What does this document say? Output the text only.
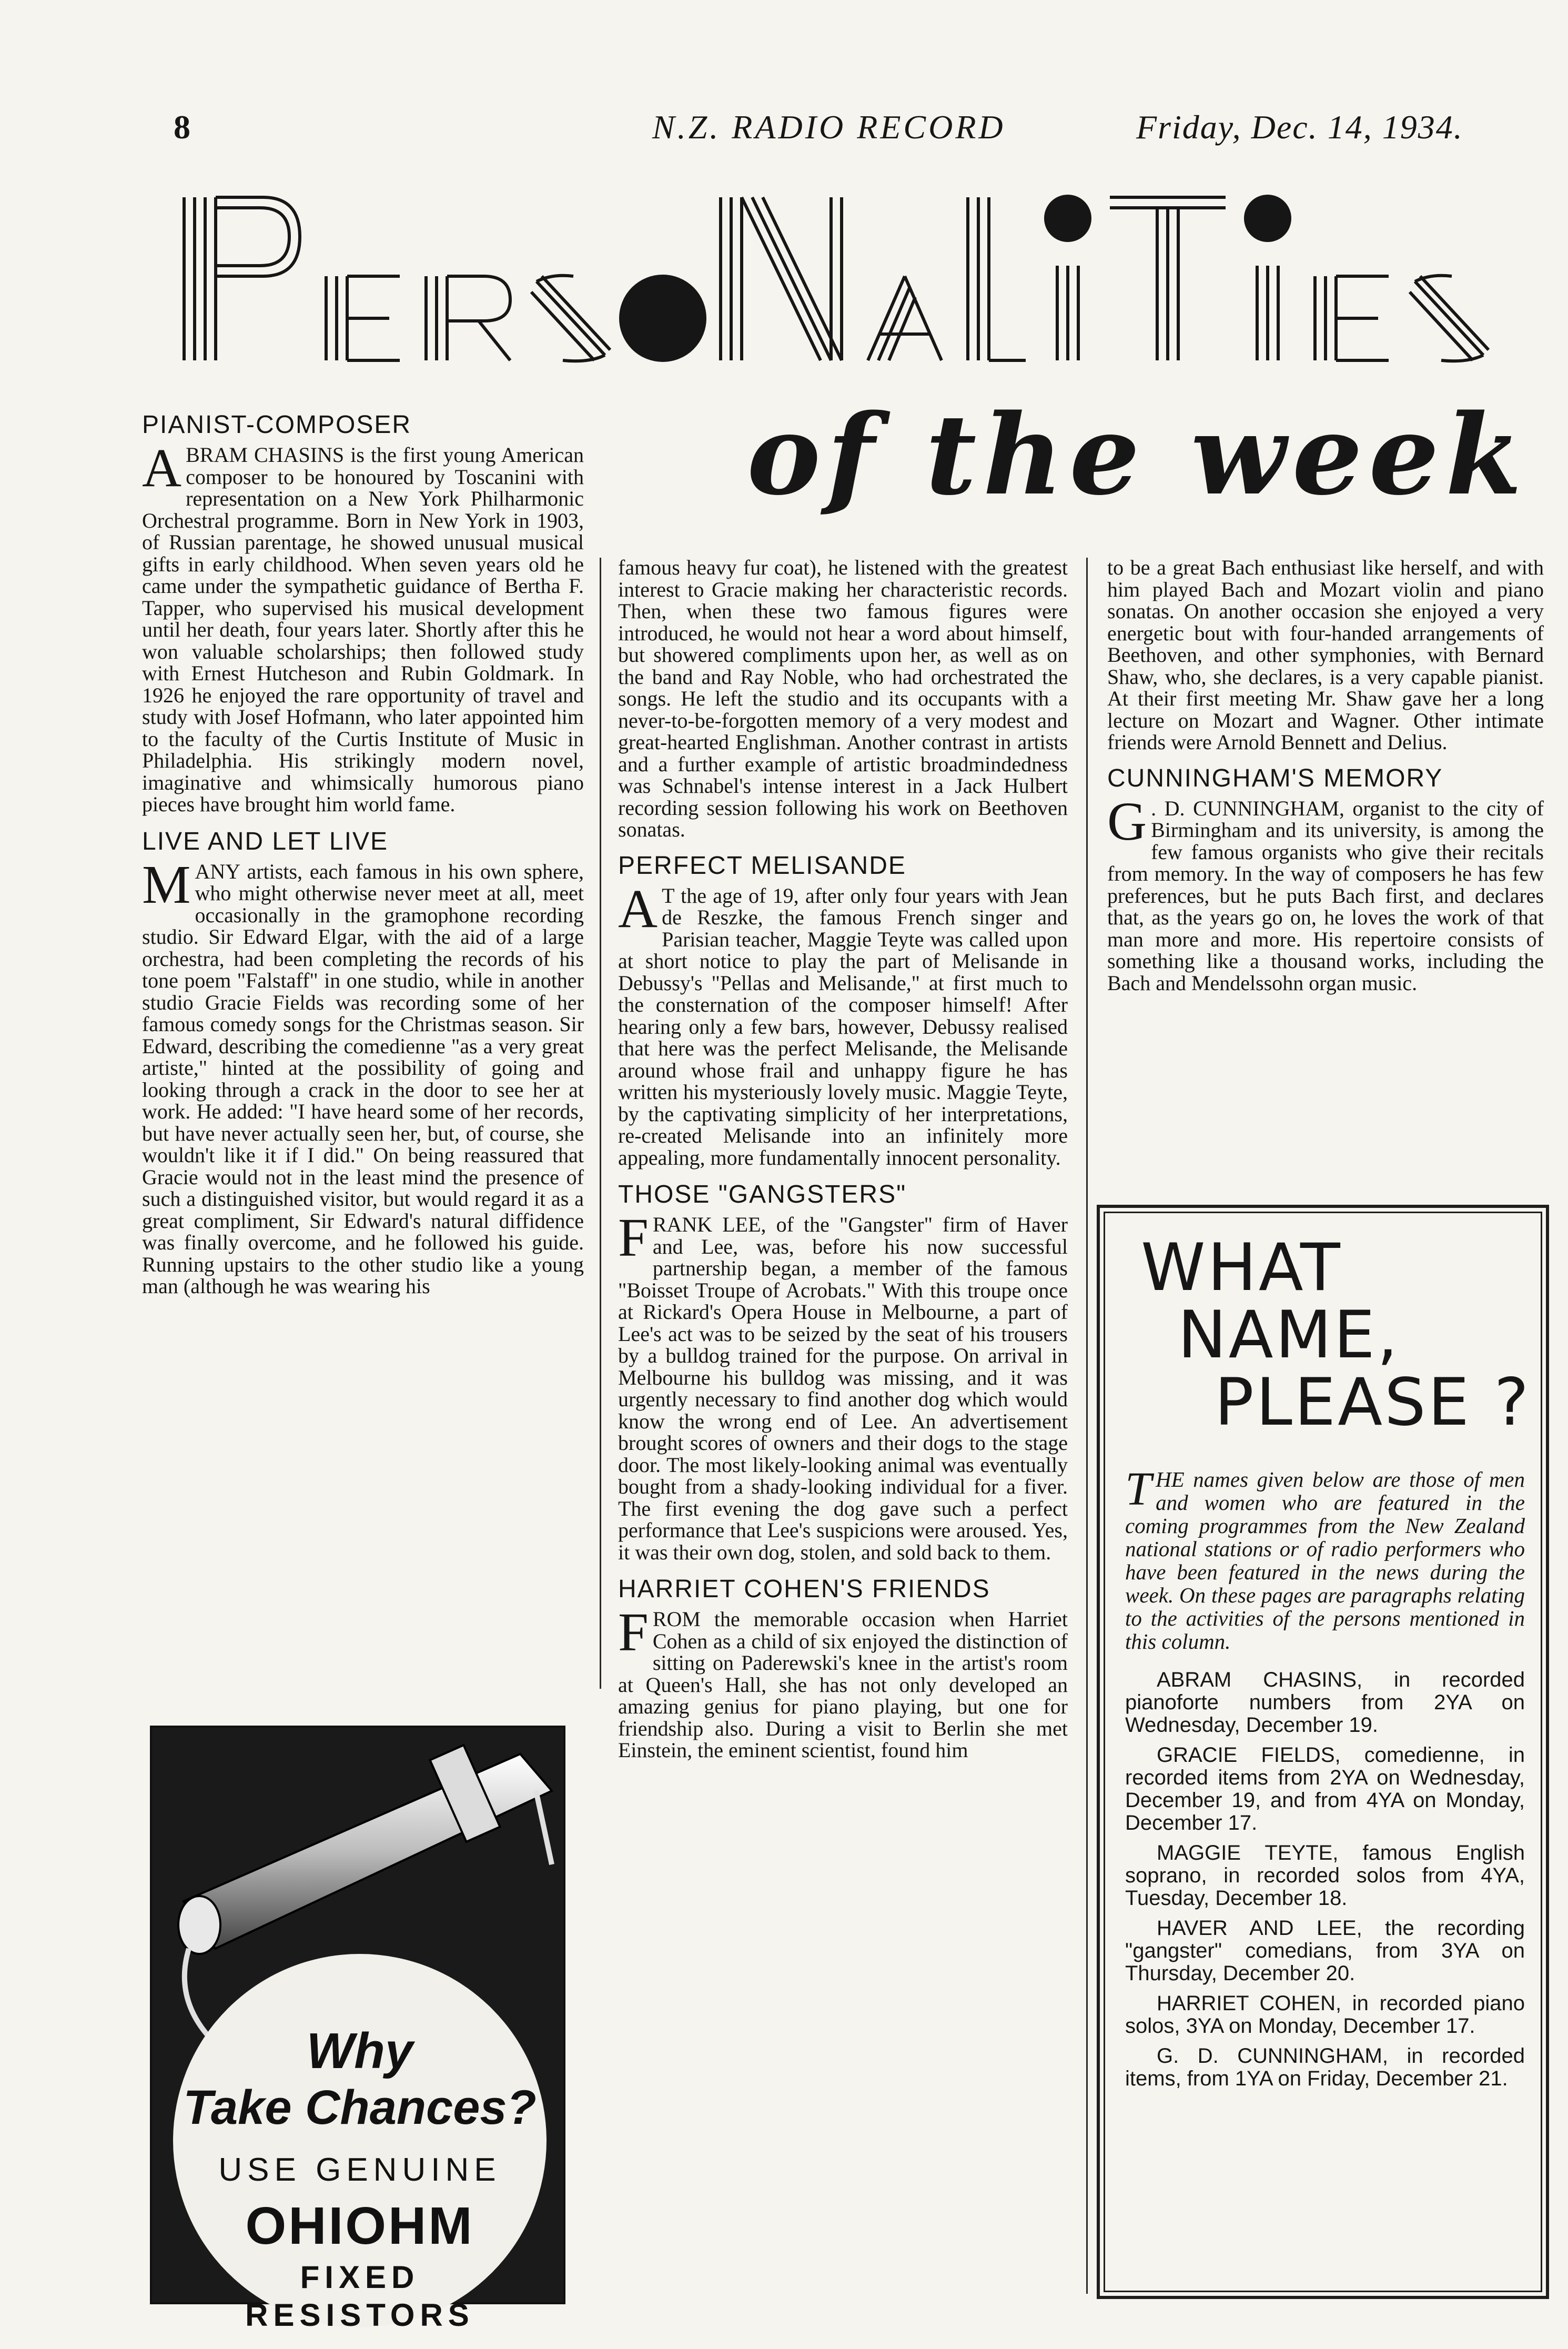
8	N.Z. RADIO RECORD	Friday, Dec. 14, 1934.
of the week
PIANIST-COMPOSER

ABRAM CHASINS is the first young American composer to be honoured by Toscanini with representation on a New York Philharmonic Orchestral programme. Born in New York in 1903, of Russian parentage, he showed unusual musical gifts in early childhood. When seven years old he came under the sympathetic guidance of Bertha F. Tapper, who supervised his musical development until her death, four years later. Shortly after this he won valuable scholarships; then followed study with Ernest Hutcheson and Rubin Goldmark. In 1926 he enjoyed the rare opportunity of travel and study with Josef Hofmann, who later appointed him to the faculty of the Curtis Institute of Music in Philadelphia. His strikingly modern novel, imaginative and whimsically humorous piano pieces have brought him world fame.

LIVE AND LET LIVE

MANY artists, each famous in his own sphere, who might otherwise never meet at all, meet occasionally in the gramophone recording studio. Sir Edward Elgar, with the aid of a large orchestra, had been completing the records of his tone poem "Falstaff" in one studio, while in another studio Gracie Fields was recording some of her famous comedy songs for the Christmas season. Sir Edward, describing the comedienne "as a very great artiste," hinted at the possibility of going and looking through a crack in the door to see her at work. He added: "I have heard some of her records, but have never actually seen her, but, of course, she wouldn't like it if I did." On being reassured that Gracie would not in the least mind the presence of such a distinguished visitor, but would regard it as a great compliment, Sir Edward's natural diffidence was finally overcome, and he followed his guide. Running upstairs to the other studio like a young man (although he was wearing his

famous heavy fur coat), he listened with the greatest interest to Gracie making her characteristic records. Then, when these two famous figures were introduced, he would not hear a word about himself, but showered compliments upon her, as well as on the band and Ray Noble, who had orchestrated the songs. He left the studio and its occupants with a never-to-be-forgotten memory of a very modest and great-hearted Englishman. Another contrast in artists and a further example of artistic broadmindedness was Schnabel's intense interest in a Jack Hulbert recording session following his work on Beethoven sonatas.

PERFECT MELISANDE

A T the age of 19, after only four years with Jean de Reszke, the famous French singer and Parisian teacher, Maggie Teyte was called upon at short notice to play the part of Melisande in Debussy's "Pellas and Melisande," at first much to the consternation of the composer himself! After hearing only a few bars, however, Debussy realised that here was the perfect Melisande, the Melisande around whose frail and unhappy figure he has written his mysteriously lovely music. Maggie Teyte, by the captivating simplicity of her interpretations, re-created Melisande into an infinitely more appealing, more fundamentally innocent personality.

THOSE "GANGSTERS"

FRANK LEE, of the "Gangster" firm of Haver and Lee, was, before his now successful partnership began, a member of the famous "Boisset Troupe of Acrobats." With this troupe once at Rickard's Opera House in Melbourne, a part of Lee's act was to be seized by the seat of his trousers by a bulldog trained for the purpose. On arrival in Melbourne his bulldog was missing, and it was urgently necessary to find another dog which would know the wrong end of Lee. An advertisement brought scores of owners and their dogs to the stage door. The most likely-looking animal was eventually bought from a shady-looking individual for a fiver. The first evening the dog gave such a perfect performance that Lee's suspicions were aroused. Yes, it was their own dog, stolen, and sold back to them.

HARRIET COHEN'S FRIENDS

FROM the memorable occasion when Harriet Cohen as a child of six enjoyed the distinction of sitting on Paderewski's knee in the artist's room at Queen's Hall, she has not only developed an amazing genius for piano playing, but one for friendship also. During a visit to Berlin she met Einstein, the eminent scientist, found him

to be a great Bach enthusiast like herself, and with him played Bach and Mozart violin and piano sonatas. On another occasion she enjoyed a very energetic bout with four-handed arrangements of Beethoven, and other symphonies, with Bernard Shaw, who, she declares, is a very capable pianist. At their first meeting Mr. Shaw gave her a long lecture on Mozart and Wagner. Other intimate friends were Arnold Bennett and Delius.

CUNNINGHAM'S MEMORY

G . D. CUNNINGHAM, organist to the city of Birmingham and its university, is among the few famous organists who give their recitals from memory. In the way of composers he has few preferences, but he puts Bach first, and declares that, as the years go on, he loves the work of that man more and more. His repertoire consists of something like a thousand works, including the Bach and Mendelssohn organ music.

WHAT
NAME,
PLEASE ?
THE names given below are those of men and women who are featured in the coming programmes from the New Zealand national stations or of radio performers who have been featured in the news during the week. On these pages are paragraphs relating to the activities of the persons mentioned in this column.
ABRAM CHASINS, in recorded pianoforte numbers from 2YA on Wednesday, December 19.
GRACIE FIELDS, comedienne, in recorded items from 2YA on Wednesday, December 19, and from 4YA on Monday, December 17.
MAGGIE TEYTE, famous English soprano, in recorded solos from 4YA, Tuesday, December 18.
HAVER AND LEE, the recording "gangster" comedians, from 3YA on Thursday, December 20.
HARRIET COHEN, in recorded piano solos, 3YA on Monday, December 17.
G. D. CUNNINGHAM, in recorded items, from 1YA on Friday, December 21.
Why
Take Chances?
USE GENUINE
OHIOHM
FIXED
RESISTORS
